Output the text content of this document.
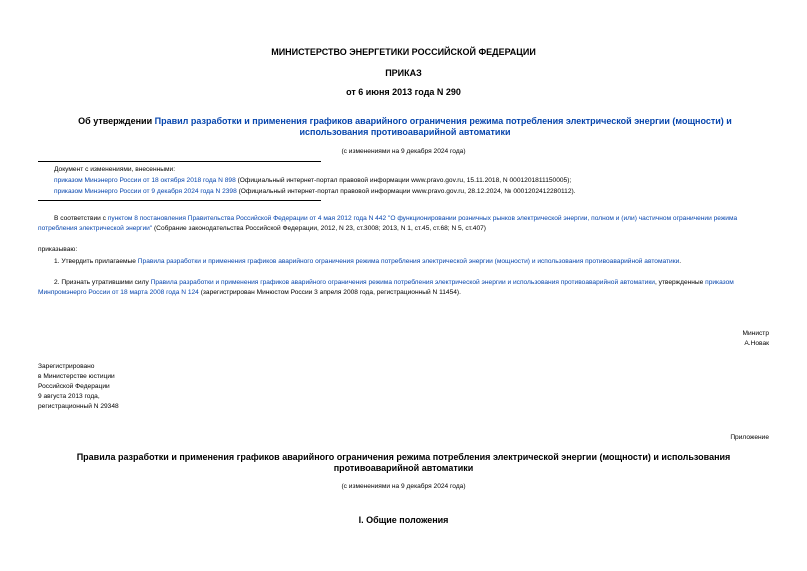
МИНИСТЕРСТВО ЭНЕРГЕТИКИ РОССИЙСКОЙ ФЕДЕРАЦИИ
ПРИКАЗ
от 6 июня 2013 года N 290
Об утверждении Правил разработки и применения графиков аварийного ограничения режима потребления электрической энергии (мощности) и использования противоаварийной автоматики
(с изменениями на 9 декабря 2024 года)
Документ с изменениями, внесенными:
приказом Минэнерго России от 18 октября 2018 года N 898 (Официальный интернет-портал правовой информации www.pravo.gov.ru, 15.11.2018, N 0001201811150005);
приказом Минэнерго России от 9 декабря 2024 года N 2398 (Официальный интернет-портал правовой информации www.pravo.gov.ru, 28.12.2024, № 0001202412280112).
В соответствии с пунктом 8 постановления Правительства Российской Федерации от 4 мая 2012 года N 442 "О функционировании розничных рынков электрической энергии, полном и (или) частичном ограничении режима потребления электрической энергии" (Собрание законодательства Российской Федерации, 2012, N 23, ст.3008; 2013, N 1, ст.45, ст.68; N 5, ст.407)
приказываю:
1. Утвердить прилагаемые Правила разработки и применения графиков аварийного ограничения режима потребления электрической энергии (мощности) и использования противоаварийной автоматики.
2. Признать утратившими силу Правила разработки и применения графиков аварийного ограничения режима потребления электрической энергии и использования противоаварийной автоматики, утвержденные приказом Минпромэнерго России от 18 марта 2008 года N 124 (зарегистрирован Минюстом России 3 апреля 2008 года, регистрационный N 11454).
Министр
А.Новак
Зарегистрировано
в Министерстве юстиции
Российской Федерации
9 августа 2013 года,
регистрационный N 29348
Приложение
Правила разработки и применения графиков аварийного ограничения режима потребления электрической энергии (мощности) и использования противоаварийной автоматики
(с изменениями на 9 декабря 2024 года)
I. Общие положения
